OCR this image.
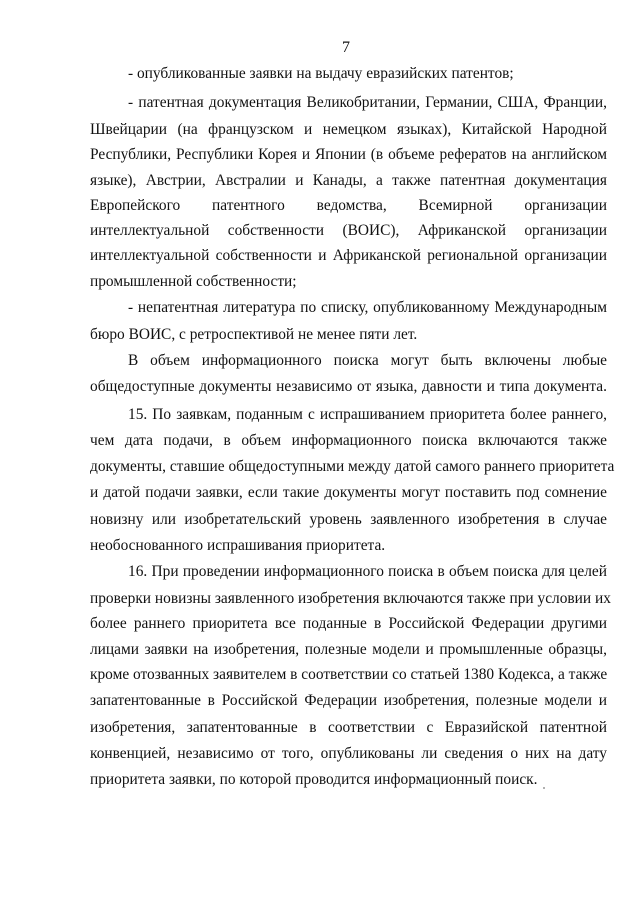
7
- опубликованные заявки на выдачу евразийских патентов;
- патентная документация Великобритании, Германии, США, Франции,
Швейцарии (на французском и немецком языках), Китайской Народной
Республики, Республики Корея и Японии (в объеме рефератов на английском
языке), Австрии, Австралии и Канады, а также патентная документация
Европейского патентного ведомства, Всемирной организации
интеллектуальной собственности (ВОИС), Африканской организации
интеллектуальной собственности и Африканской региональной организации
промышленной собственности;
- непатентная литература по списку, опубликованному Международным
бюро ВОИС, с ретроспективой не менее пяти лет.
В объем информационного поиска могут быть включены любые
общедоступные документы независимо от языка, давности и типа документа.
15. По заявкам, поданным с испрашиванием приоритета более раннего,
чем дата подачи, в объем информационного поиска включаются также
документы, ставшие общедоступными между датой самого раннего приоритета
и датой подачи заявки, если такие документы могут поставить под сомнение
новизну или изобретательский уровень заявленного изобретения в случае
необоснованного испрашивания приоритета.
16. При проведении информационного поиска в объем поиска для целей
проверки новизны заявленного изобретения включаются также при условии их
более раннего приоритета все поданные в Российской Федерации другими
лицами заявки на изобретения, полезные модели и промышленные образцы,
кроме отозванных заявителем в соответствии со статьей 1380 Кодекса, а также
запатентованные в Российской Федерации изобретения, полезные модели и
изобретения, запатентованные в соответствии с Евразийской патентной
конвенцией, независимо от того, опубликованы ли сведения о них на дату
приоритета заявки, по которой проводится информационный поиск.
